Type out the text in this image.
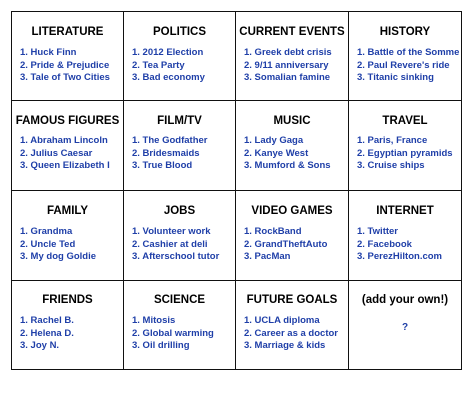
LITERATURE
1. Huck Finn
2. Pride & Prejudice
3. Tale of Two Cities
POLITICS
1. 2012 Election
2. Tea Party
3. Bad economy
CURRENT EVENTS
1. Greek debt crisis
2. 9/11 anniversary
3. Somalian famine
HISTORY
1. Battle of the Somme
2. Paul Revere's ride
3. Titanic sinking
FAMOUS FIGURES
1. Abraham Lincoln
2. Julius Caesar
3. Queen Elizabeth I
FILM/TV
1. The Godfather
2. Bridesmaids
3. True Blood
MUSIC
1. Lady Gaga
2. Kanye West
3. Mumford & Sons
TRAVEL
1. Paris, France
2. Egyptian pyramids
3. Cruise ships
FAMILY
1. Grandma
2. Uncle Ted
3. My dog Goldie
JOBS
1. Volunteer work
2. Cashier at deli
3. Afterschool tutor
VIDEO GAMES
1. RockBand
2. GrandTheftAuto
3. PacMan
INTERNET
1. Twitter
2. Facebook
3. PerezHilton.com
FRIENDS
1. Rachel B.
2. Helena D.
3. Joy N.
SCIENCE
1. Mitosis
2. Global warming
3. Oil drilling
FUTURE GOALS
1. UCLA diploma
2. Career as a doctor
3. Marriage & kids
(add your own!)
?
